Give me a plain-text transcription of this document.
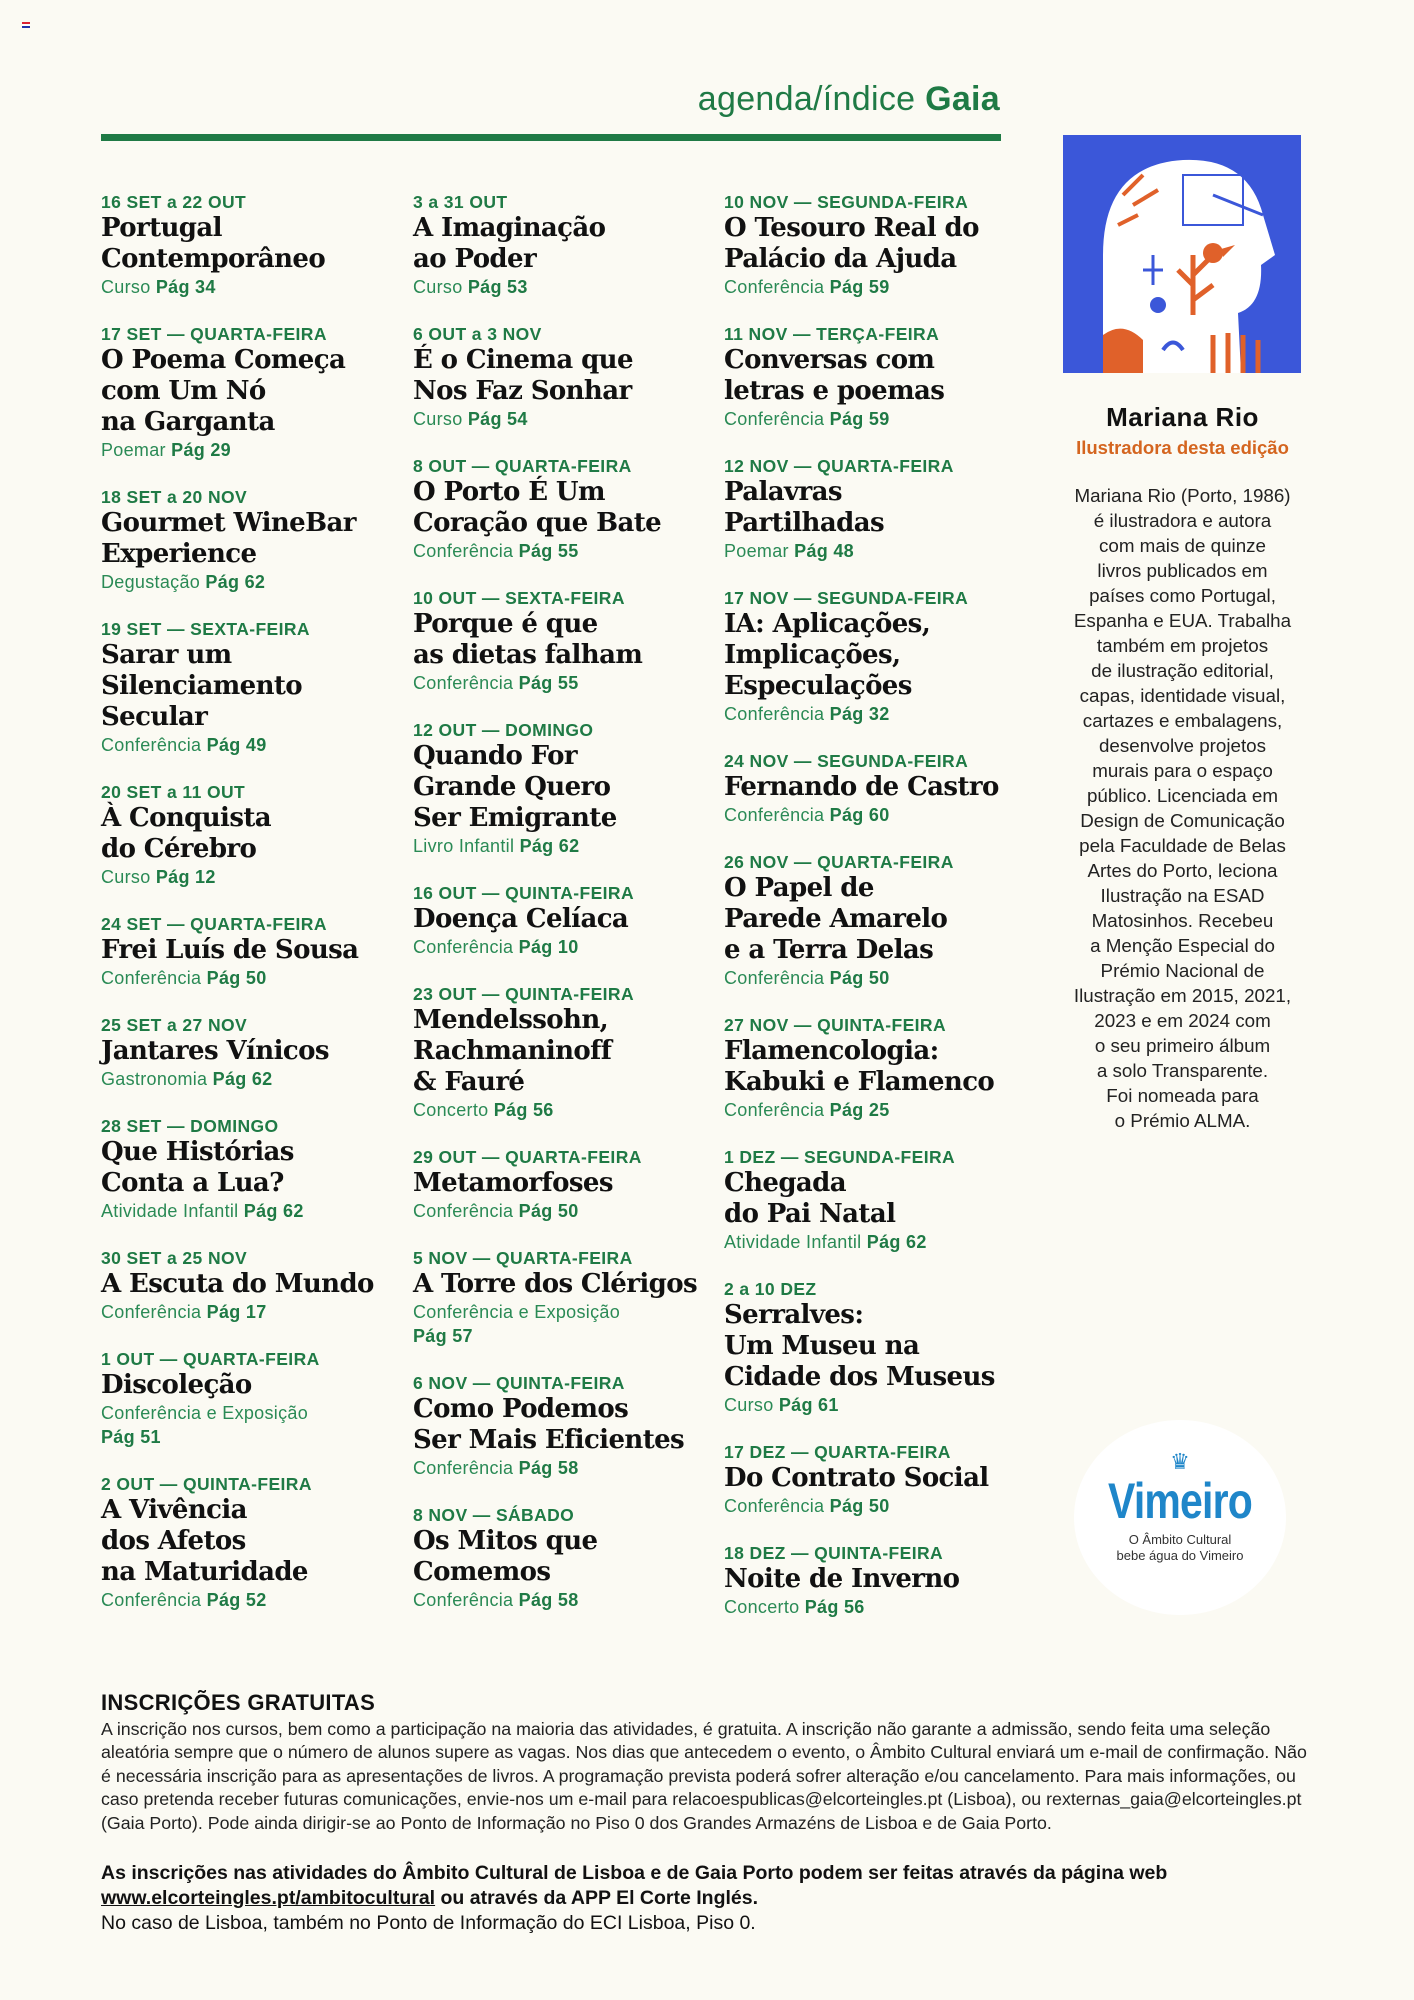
agenda/índice Gaia
16 SET a 22 OUT
Portugal
Contemporâneo
Curso Pág 34
17 SET — QUARTA-FEIRA
O Poema Começa
com Um Nó
na Garganta
Poemar Pág 29
18 SET a 20 NOV
Gourmet WineBar
Experience
Degustação Pág 62
19 SET — SEXTA-FEIRA
Sarar um
Silenciamento
Secular
Conferência Pág 49
20 SET a 11 OUT
À Conquista
do Cérebro
Curso Pág 12
24 SET — QUARTA-FEIRA
Frei Luís de Sousa
Conferência Pág 50
25 SET a 27 NOV
Jantares Vínicos
Gastronomia Pág 62
28 SET — DOMINGO
Que Histórias
Conta a Lua?
Atividade Infantil Pág 62
30 SET a 25 NOV
A Escuta do Mundo
Conferência Pág 17
1 OUT — QUARTA-FEIRA
Discoleção
Conferência e Exposição
Pág 51
2 OUT — QUINTA-FEIRA
A Vivência
dos Afetos
na Maturidade
Conferência Pág 52
3 a 31 OUT
A Imaginação
ao Poder
Curso Pág 53
6 OUT a 3 NOV
É o Cinema que
Nos Faz Sonhar
Curso Pág 54
8 OUT — QUARTA-FEIRA
O Porto É Um
Coração que Bate
Conferência Pág 55
10 OUT — SEXTA-FEIRA
Porque é que
as dietas falham
Conferência Pág 55
12 OUT — DOMINGO
Quando For
Grande Quero
Ser Emigrante
Livro Infantil Pág 62
16 OUT — QUINTA-FEIRA
Doença Celíaca
Conferência Pág 10
23 OUT — QUINTA-FEIRA
Mendelssohn,
Rachmaninoff
& Fauré
Concerto Pág 56
29 OUT — QUARTA-FEIRA
Metamorfoses
Conferência Pág 50
5 NOV — QUARTA-FEIRA
A Torre dos Clérigos
Conferência e Exposição
Pág 57
6 NOV — QUINTA-FEIRA
Como Podemos
Ser Mais Eficientes
Conferência Pág 58
8 NOV — SÁBADO
Os Mitos que
Comemos
Conferência Pág 58
10 NOV — SEGUNDA-FEIRA
O Tesouro Real do
Palácio da Ajuda
Conferência Pág 59
11 NOV — TERÇA-FEIRA
Conversas com
letras e poemas
Conferência Pág 59
12 NOV — QUARTA-FEIRA
Palavras
Partilhadas
Poemar Pág 48
17 NOV — SEGUNDA-FEIRA
IA: Aplicações,
Implicações,
Especulações
Conferência Pág 32
24 NOV — SEGUNDA-FEIRA
Fernando de Castro
Conferência Pág 60
26 NOV — QUARTA-FEIRA
O Papel de
Parede Amarelo
e a Terra Delas
Conferência Pág 50
27 NOV — QUINTA-FEIRA
Flamencologia:
Kabuki e Flamenco
Conferência Pág 25
1 DEZ — SEGUNDA-FEIRA
Chegada
do Pai Natal
Atividade Infantil Pág 62
2 a 10 DEZ
Serralves:
Um Museu na
Cidade dos Museus
Curso Pág 61
17 DEZ — QUARTA-FEIRA
Do Contrato Social
Conferência Pág 50
18 DEZ — QUINTA-FEIRA
Noite de Inverno
Concerto Pág 56
Mariana Rio
Ilustradora desta edição
Mariana Rio (Porto, 1986)
é ilustradora e autora
com mais de quinze
livros publicados em
países como Portugal,
Espanha e EUA. Trabalha
também em projetos
de ilustração editorial,
capas, identidade visual,
cartazes e embalagens,
desenvolve projetos
murais para o espaço
público. Licenciada em
Design de Comunicação
pela Faculdade de Belas
Artes do Porto, leciona
Ilustração na ESAD
Matosinhos. Recebeu
a Menção Especial do
Prémio Nacional de
Ilustração em 2015, 2021,
2023 e em 2024 com
o seu primeiro álbum
a solo Transparente.
Foi nomeada para
o Prémio ALMA.
♛
Vimeiro
O Âmbito Cultural
bebe água do Vimeiro
INSCRIÇÕES GRATUITAS
A inscrição nos cursos, bem como a participação na maioria das atividades, é gratuita. A inscrição não garante a admissão, sendo feita uma seleção aleatória sempre que o número de alunos supere as vagas. Nos dias que antecedem o evento, o Âmbito Cultural enviará um e-mail de confirmação. Não é necessária inscrição para as apresentações de livros. A programação prevista poderá sofrer alteração e/ou cancelamento. Para mais informações, ou caso pretenda receber futuras comunicações, envie-nos um e-mail para relacoespublicas@elcorteingles.pt (Lisboa), ou rexternas_gaia@elcorteingles.pt (Gaia Porto). Pode ainda dirigir-se ao Ponto de Informação no Piso 0 dos Grandes Armazéns de Lisboa e de Gaia Porto.
As inscrições nas atividades do Âmbito Cultural de Lisboa e de Gaia Porto podem ser feitas através da página web www.elcorteingles.pt/ambitocultural ou através da APP El Corte Inglés.
No caso de Lisboa, também no Ponto de Informação do ECI Lisboa, Piso 0.
